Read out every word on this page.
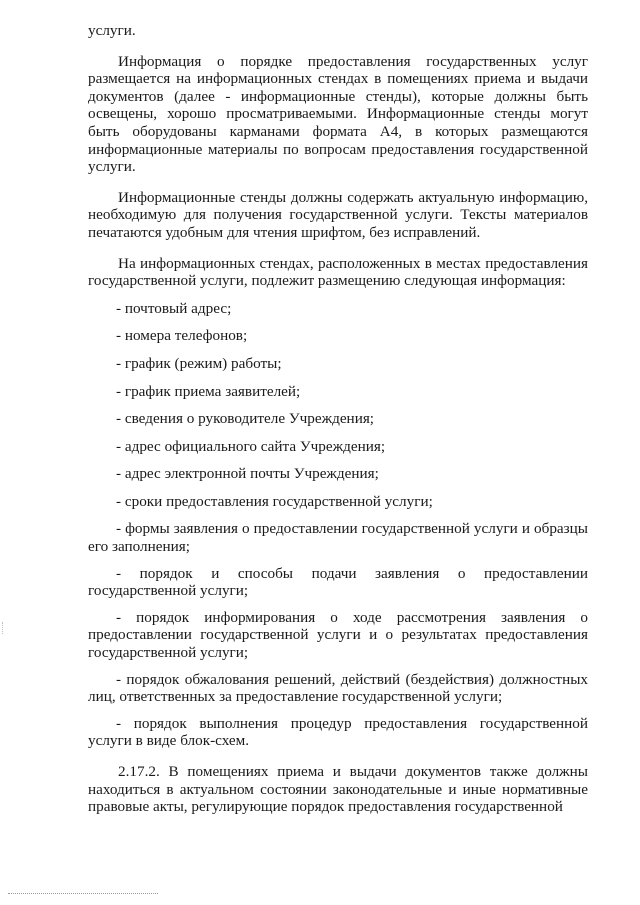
услуги.

Информация о порядке предоставления государственных услуг размещается на информационных стендах в помещениях приема и выдачи документов (далее - информационные стенды), которые должны быть освещены, хорошо просматриваемыми. Информационные стенды могут быть оборудованы карманами формата А4, в которых размещаются информационные материалы по вопросам предоставления государственной услуги.

Информационные стенды должны содержать актуальную информацию, необходимую для получения государственной услуги. Тексты материалов печатаются удобным для чтения шрифтом, без исправлений.

На информационных стендах, расположенных в местах предоставления государственной услуги, подлежит размещению следующая информация:

- почтовый адрес;

- номера телефонов;

- график (режим) работы;

- график приема заявителей;

- сведения о руководителе Учреждения;

- адрес официального сайта Учреждения;

- адрес электронной почты Учреждения;

- сроки предоставления государственной услуги;

- формы заявления о предоставлении государственной услуги и образцы его заполнения;

- порядок и способы подачи заявления о предоставлении государственной услуги;

- порядок информирования о ходе рассмотрения заявления о предоставлении государственной услуги и о результатах предоставления государственной услуги;

- порядок обжалования решений, действий (бездействия) должностных лиц, ответственных за предоставление государственной услуги;

- порядок выполнения процедур предоставления государственной услуги в виде блок-схем.

2.17.2. В помещениях приема и выдачи документов также должны находиться в актуальном состоянии законодательные и иные нормативные правовые акты, регулирующие порядок предоставления государственной
